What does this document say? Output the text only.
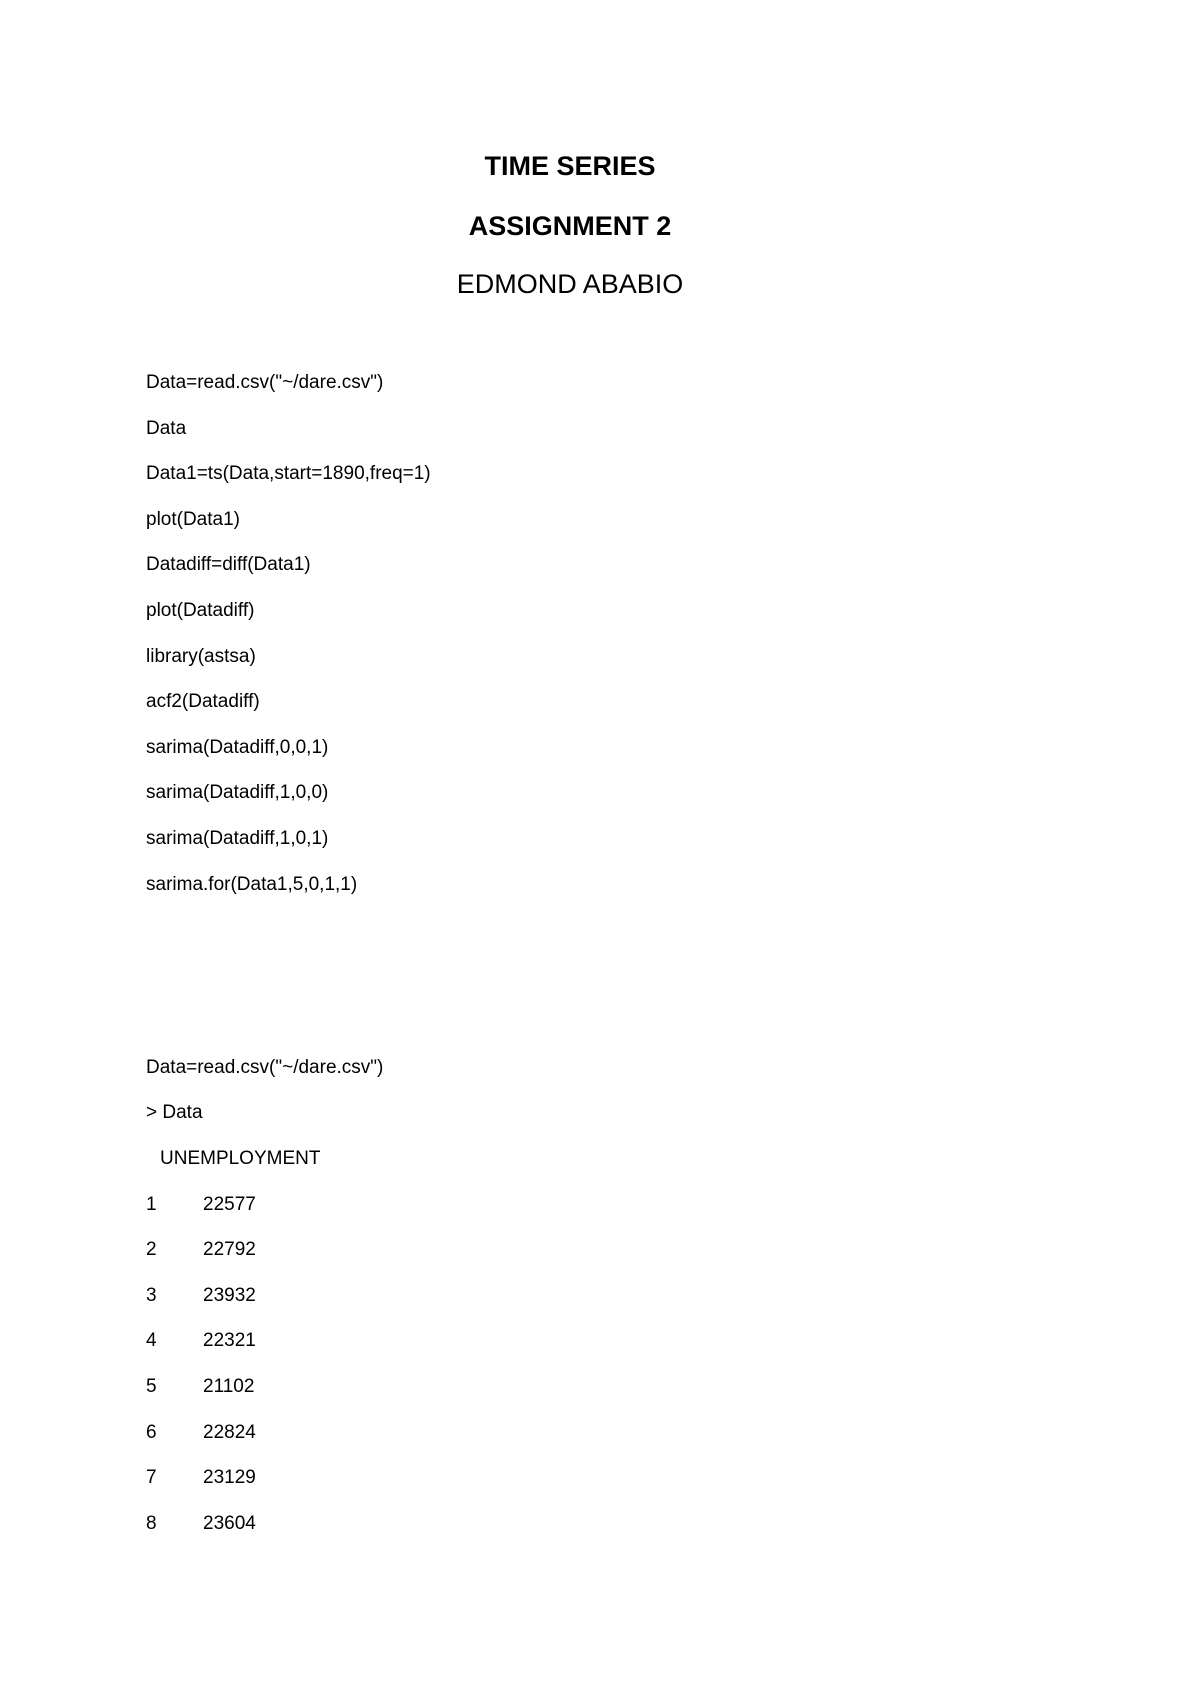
TIME SERIES
ASSIGNMENT 2
EDMOND ABABIO
Data=read.csv("~/dare.csv")
Data
Data1=ts(Data,start=1890,freq=1)
plot(Data1)
Datadiff=diff(Data1)
plot(Datadiff)
library(astsa)
acf2(Datadiff)
sarima(Datadiff,0,0,1)
sarima(Datadiff,1,0,0)
sarima(Datadiff,1,0,1)
sarima.for(Data1,5,0,1,1)
Data=read.csv("~/dare.csv")
> Data
UNEMPLOYMENT
1 22577
2 22792
3 23932
4 22321
5 21102
6 22824
7 23129
8 23604
